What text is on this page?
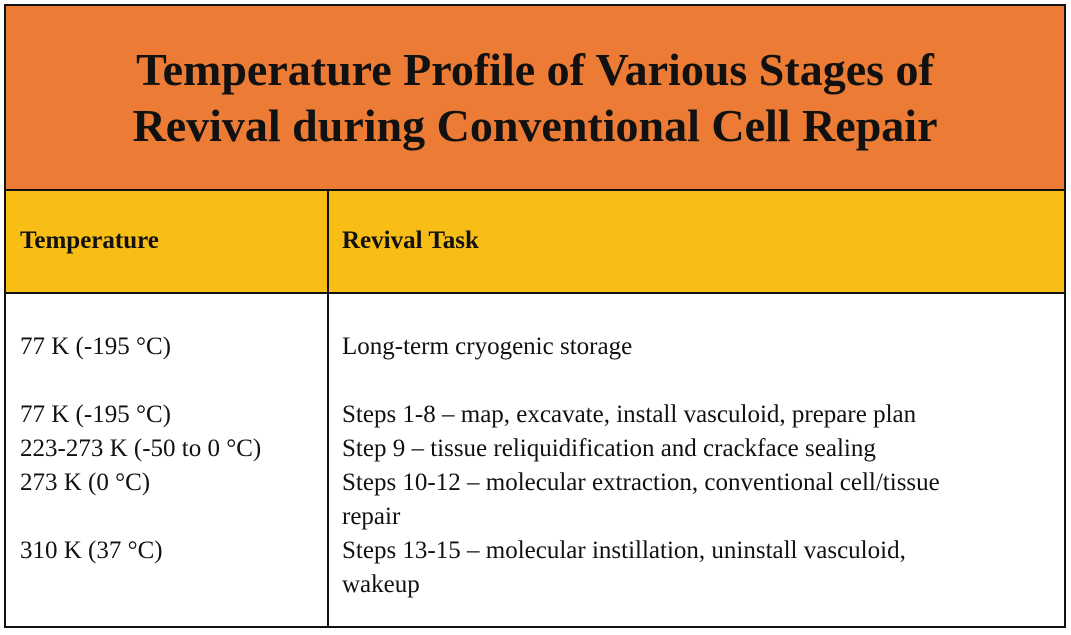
Temperature Profile of Various Stages of
Revival during Conventional Cell Repair
Temperature	Revival Task
77 K (-195 °C)	Long-term cryogenic storage
77 K (-195 °C)	Steps 1-8 – map, excavate, install vasculoid, prepare plan
223-273 K (-50 to 0 °C)	Step 9 – tissue reliquidification and crackface sealing
273 K (0 °C)	Steps 10-12 – molecular extraction, conventional cell/tissue
repair
310 K (37 °C)	Steps 13-15 – molecular instillation, uninstall vasculoid,
wakeup
